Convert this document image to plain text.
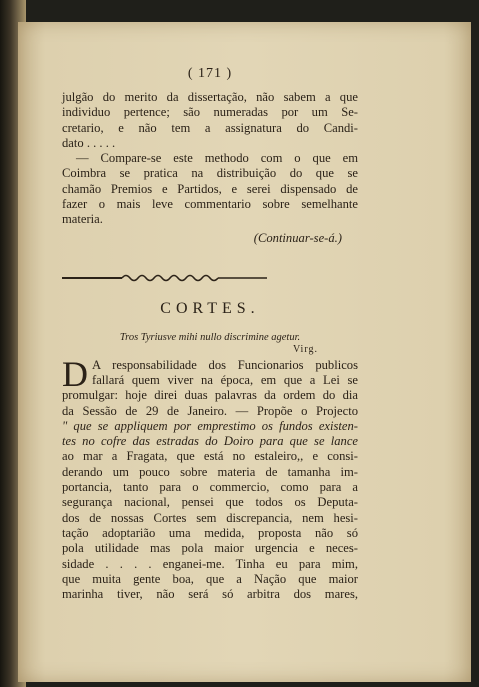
( 171 )
julgão do merito da dissertação, não sabem a que
individuo pertence; são numeradas por um Se-
cretario, e não tem a assignatura do Candi-
dato . . . . .
— Compare-se este methodo com o que em
Coimbra se pratica na distribuição do que se
chamão Premios e Partidos, e serei dispensado de
fazer o mais leve commentario sobre semelhante
materia.
(Continuar-se-á.)
CORTES.
Tros Tyriusve mihi nullo discrimine agetur.
Virg.
D A responsabilidade dos Funcionarios publicos
fallará quem viver na época, em que a Lei se
promulgar: hoje direi duas palavras da ordem do dia
da Sessão de 29 de Janeiro. — Propõe o Projecto
" que se appliquem por emprestimo os fundos existen-
tes no cofre das estradas do Doiro para que se lance
ao mar a Fragata, que está no estaleiro,, e consi-
derando um pouco sobre materia de tamanha im-
portancia, tanto para o commercio, como para a
segurança nacional, pensei que todos os Deputa-
dos de nossas Cortes sem discrepancia, nem hesi-
tação adoptarião uma medida, proposta não só
pola utilidade mas pola maior urgencia e neces-
sidade . . . . enganei-me. Tinha eu para mim,
que muita gente boa, que a Nação que maior
marinha tiver, não será só arbitra dos mares,
